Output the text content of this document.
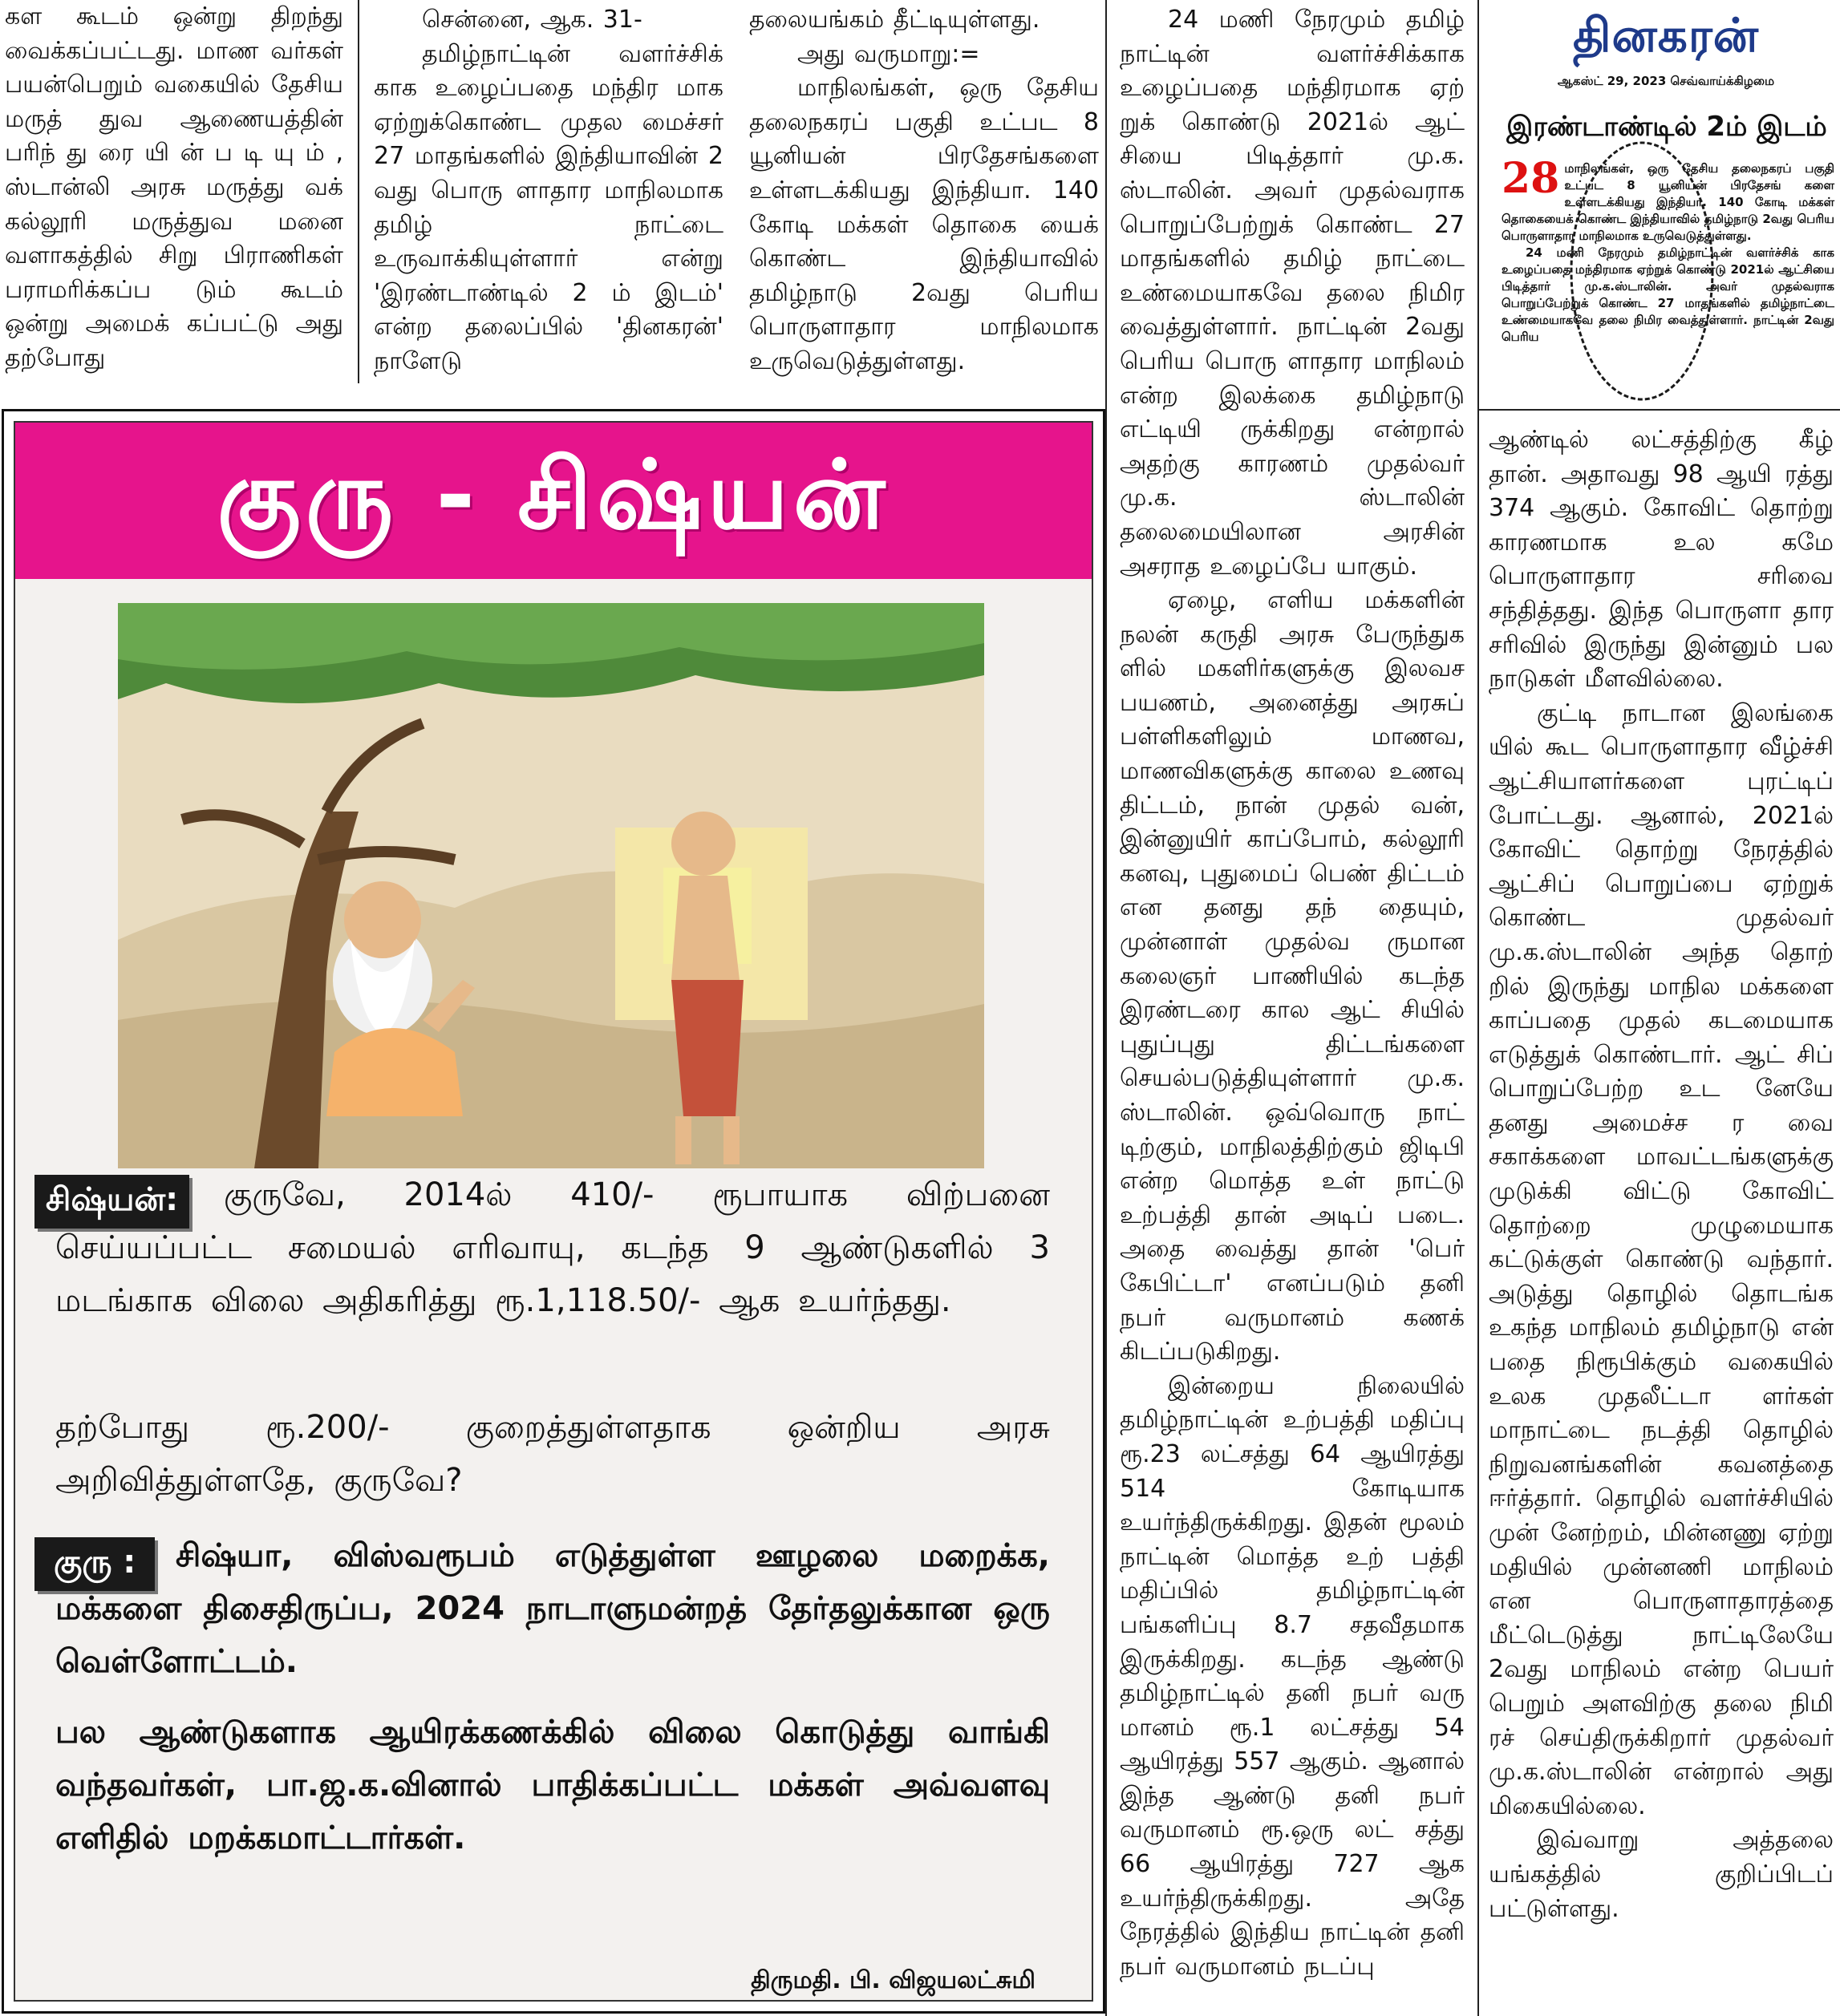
கள கூடம் ஒன்று திறந்து வைக்கப்பட்டது. மாண வர்கள் பயன்பெறும் வகையில் தேசிய மருத் துவ ஆணையத்தின் பரிந் து ரை யி ன் ப டி யு ம் , ஸ்டான்லி அரசு மருத்து வக் கல்லூரி மருத்துவ மனை வளாகத்தில் சிறு பிராணிகள் பராமரிக்கப்ப டும் கூடம் ஒன்று அமைக் கப்பட்டு அது தற்போது

சென்னை, ஆக. 31-

தமிழ்நாட்டின் வளர்ச்சிக் காக உழைப்பதை மந்திர மாக ஏற்றுக்கொண்ட முதல மைச்சர் 27 மாதங்களில் இந்தியாவின் 2 வது பொரு ளாதார மாநிலமாக தமிழ் நாட்டை உருவாக்கியுள்ளார் என்று 'இரண்டாண்டில் 2 ம் இடம்' என்ற தலைப்பில் 'தினகரன்' நாளேடு

தலையங்கம் தீட்டியுள்ளது.

அது வருமாறு:=

மாநிலங்கள், ஒரு தேசிய தலைநகரப் பகுதி உட்பட 8 யூனியன் பிரதேசங்களை உள்ளடக்கியது இந்தியா. 140 கோடி மக்கள் தொகை யைக் கொண்ட இந்தியாவில் தமிழ்நாடு 2வது பெரிய பொருளாதார மாநிலமாக உருவெடுத்துள்ளது.

24 மணி நேரமும் தமிழ் நாட்டின் வளர்ச்சிக்காக உழைப்பதை மந்திரமாக ஏற் றுக் கொண்டு 2021ல் ஆட் சியை பிடித்தார் மு.க. ஸ்டாலின். அவர் முதல்வராக பொறுப்பேற்றுக் கொண்ட 27 மாதங்களில் தமிழ் நாட்டை உண்மையாகவே தலை நிமிர வைத்துள்ளார். நாட்டின் 2வது பெரிய பொரு ளாதார மாநிலம் என்ற இலக்கை தமிழ்நாடு எட்டியி ருக்கிறது என்றால் அதற்கு காரணம் முதல்வர் மு.க. ஸ்டாலின் தலைமையிலான அரசின் அசராத உழைப்பே யாகும்.

ஏழை, எளிய மக்களின் நலன் கருதி அரசு பேருந்துக ளில் மகளிர்களுக்கு இலவச பயணம், அனைத்து அரசுப் பள்ளிகளிலும் மாணவ, மாணவிகளுக்கு காலை உணவு திட்டம், நான் முதல் வன், இன்னுயிர் காப்போம், கல்லூரி கனவு, புதுமைப் பெண் திட்டம் என தனது தந் தையும், முன்னாள் முதல்வ ருமான கலைஞர் பாணியில் கடந்த இரண்டரை கால ஆட் சியில் புதுப்புது திட்டங்களை செயல்படுத்தியுள்ளார் மு.க. ஸ்டாலின். ஒவ்வொரு நாட் டிற்கும், மாநிலத்திற்கும் ஜிடிபி என்ற மொத்த உள் நாட்டு உற்பத்தி தான் அடிப் படை. அதை வைத்து தான் 'பெர் கேபிட்டா' எனப்படும் தனி நபர் வருமானம் கணக் கிடப்படுகிறது.

இன்றைய நிலையில் தமிழ்நாட்டின் உற்பத்தி மதிப்பு ரூ.23 லட்சத்து 64 ஆயிரத்து 514 கோடியாக உயர்ந்திருக்கிறது. இதன் மூலம் நாட்டின் மொத்த உற் பத்தி மதிப்பில் தமிழ்நாட்டின் பங்களிப்பு 8.7 சதவீதமாக இருக்கிறது. கடந்த ஆண்டு தமிழ்நாட்டில் தனி நபர் வரு மானம் ரூ.1 லட்சத்து 54 ஆயிரத்து 557 ஆகும். ஆனால் இந்த ஆண்டு தனி நபர் வருமானம் ரூ.ஒரு லட் சத்து 66 ஆயிரத்து 727 ஆக உயர்ந்திருக்கிறது. அதே நேரத்தில் இந்திய நாட்டின் தனி நபர் வருமானம் நடப்பு

தினகரன்
ஆகஸ்ட் 29, 2023 செவ்வாய்க்கிழமை
இரண்டாண்டில் 2ம் இடம்
28 மாநிலங்கள், ஒரு தேசிய தலைநகரப் பகுதி உட்பட 8 யூனியன் பிரதேசங் களை உள்ளடக்கியது இந்தியா. 140 கோடி மக்கள் தொகையைக் கொண்ட இந்தியாவில் தமிழ்நாடு 2வது பெரிய பொருளாதார மாநிலமாக உருவெடுத்துள்ளது.

24 மணி நேரமும் தமிழ்நாட்டின் வளர்ச்சிக் காக உழைப்பதை மந்திரமாக ஏற்றுக் கொண்டு 2021ல் ஆட்சியை பிடித்தார் மு.க.ஸ்டாலின். அவர் முதல்வராக பொறுப்பேற்றுக் கொண்ட 27 மாதங்களில் தமிழ்நாட்டை உண்மையாகவே தலை நிமிர வைத்துள்ளார். நாட்டின் 2வது பெரிய

ஆண்டில் லட்சத்திற்கு கீழ் தான். அதாவது 98 ஆயி ரத்து 374 ஆகும். கோவிட் தொற்று காரணமாக உல கமே பொருளாதார சரிவை சந்தித்தது. இந்த பொருளா தார சரிவில் இருந்து இன்னும் பல நாடுகள் மீளவில்லை.

குட்டி நாடான இலங்கை யில் கூட பொருளாதார வீழ்ச்சி ஆட்சியாளர்களை புரட்டிப் போட்டது. ஆனால், 2021ல் கோவிட் தொற்று நேரத்தில் ஆட்சிப் பொறுப்பை ஏற்றுக் கொண்ட முதல்வர் மு.க.ஸ்டாலின் அந்த தொற் றில் இருந்து மாநில மக்களை காப்பதை முதல் கடமையாக எடுத்துக் கொண்டார். ஆட் சிப் பொறுப்பேற்ற உட னேயே தனது அமைச்ச ர வை சகாக்களை மாவட்டங்களுக்கு முடுக்கி விட்டு கோவிட் தொற்றை முழுமையாக கட்டுக்குள் கொண்டு வந்தார். அடுத்து தொழில் தொடங்க உகந்த மாநிலம் தமிழ்நாடு என் பதை நிரூபிக்கும் வகையில் உலக முதலீட்டா ளர்கள் மாநாட்டை நடத்தி தொழில் நிறுவனங்களின் கவனத்தை ஈர்த்தார். தொழில் வளர்ச்சியில் முன் னேற்றம், மின்னணு ஏற்று மதியில் முன்னணி மாநிலம் என பொருளாதாரத்தை மீட்டெடுத்து நாட்டிலேயே 2வது மாநிலம் என்ற பெயர் பெறும் அளவிற்கு தலை நிமி ரச் செய்திருக்கிறார் முதல்வர் மு.க.ஸ்டாலின் என்றால் அது மிகையில்லை.

இவ்வாறு அத்தலை யங்கத்தில் குறிப்பிடப் பட்டுள்ளது.

குரு - சிஷ்யன்
சிஷ்யன்:	குருவே, 2014ல் 410/- ரூபாயாக விற்பனை செய்யப்பட்ட சமையல் எரிவாயு, கடந்த 9 ஆண்டுகளில் 3 மடங்காக விலை அதிகரித்து ரூ.1,118.50/- ஆக உயர்ந்தது.

தற்போது ரூ.200/- குறைத்துள்ளதாக ஒன்றிய அரசு அறிவித்துள்ளதே, குருவே?

குரு :	சிஷ்யா, விஸ்வரூபம் எடுத்துள்ள ஊழலை மறைக்க, மக்களை திசைதிருப்ப, 2024 நாடாளுமன்றத் தேர்தலுக்கான ஒரு வெள்ளோட்டம்.

பல ஆண்டுகளாக ஆயிரக்கணக்கில் விலை கொடுத்து வாங்கி வந்தவர்கள், பா.ஜ.க.வினால் பாதிக்கப்பட்ட மக்கள் அவ்வளவு எளிதில் மறக்கமாட்டார்கள்.

திருமதி. பி. விஜயலட்சுமி
